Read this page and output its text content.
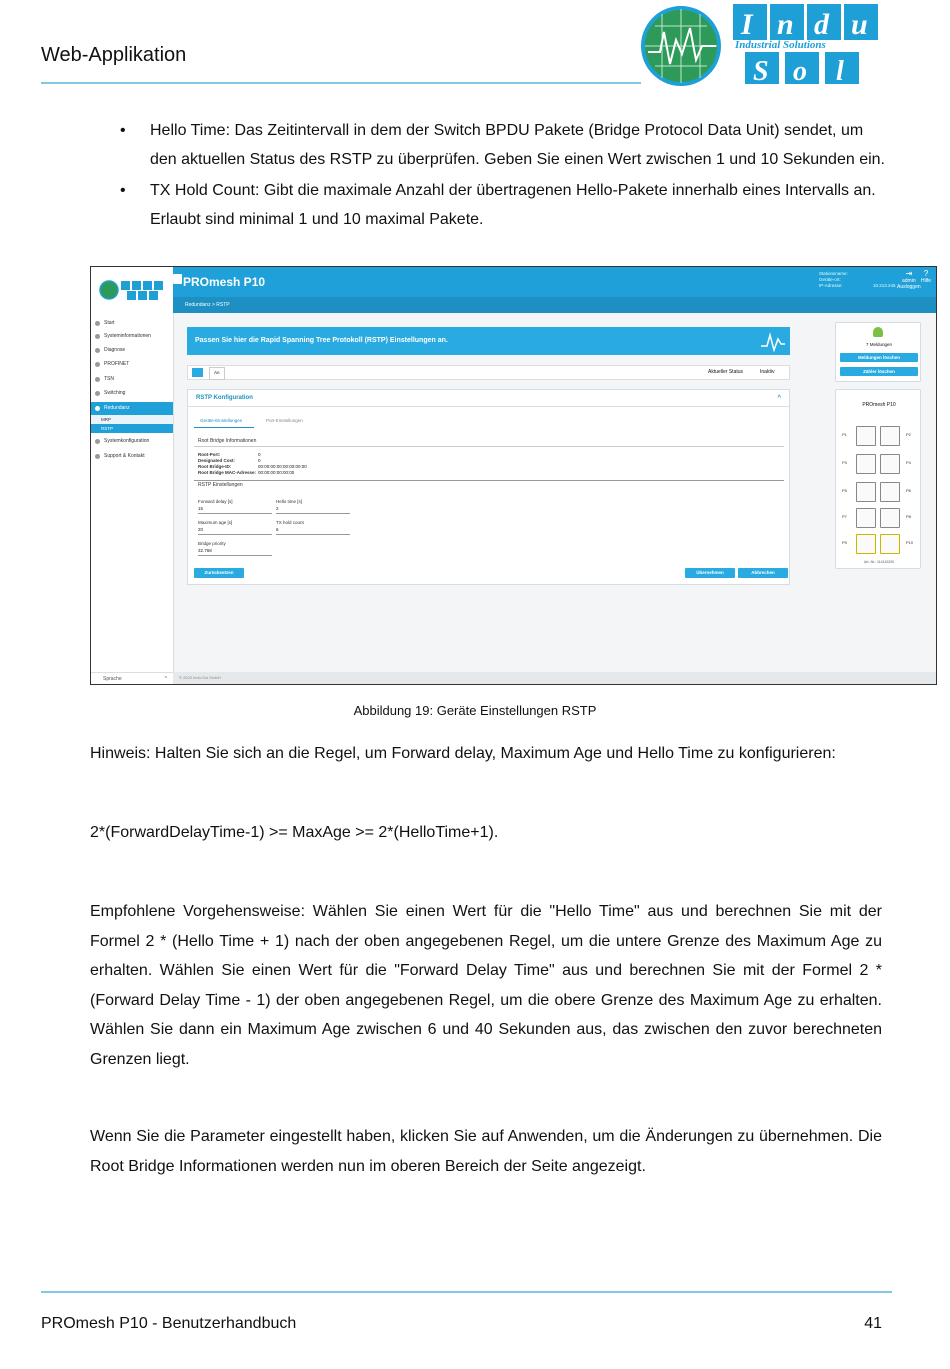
Web-Applikation
I n d u
Industrial Solutions
S o l
• Hello Time: Das Zeitintervall in dem der Switch BPDU Pakete (Bridge Protocol Data Unit) sendet, um den aktuellen Status des RSTP zu überprüfen. Geben Sie einen Wert zwischen 1 und 10 Sekunden ein.
• TX Hold Count: Gibt die maximale Anzahl der übertragenen Hello-Pakete innerhalb eines Intervalls an. Erlaubt sind minimal 1 und 10 maximal Pakete.
Start
Systeminformationen
Diagnose
PROFINET
TSN
Switching
Redundanz
MRP
RSTP
Systemkonfiguration
Support & Kontakt
Sprache	^
PROmesh P10
Stationsname:
Geräte-ort:
IP-Adresse:	10.213.245
⇥
admin
Ausloggen
?
Hilfe
Redundanz > RSTP
Passen Sie hier die Rapid Spanning Tree Protokoll (RSTP) Einstellungen an.
An	Aktueller Status	Inaktiv
RSTP Konfiguration	^
Geräte-Einstellungen	Port-Einstellungen
Root Bridge Informationen
Root-Port:	0
Designated Cost:	0
Root Bridge-ID:	00:00:00:00:00:00:00:00
Root Bridge MAC-Adresse: 00:00:00:00:00:00
RSTP Einstellungen
Forward delay [s]
15
Hello time [s]
2
Maximum age [s]
20
TX hold count
6
Bridge priority
32.768
Zurücksetzen	Übernehmen	Abbrechen
7 Meldungen
Meldungen löschen
Zähler löschen
PROmesh P10
P1	P2
P3	P4
P5	P6
P7	P8
P9	P10
Art.-Nr.: 114110200
© 2020 Indu-Sol GmbH
Abbildung 19: Geräte Einstellungen RSTP
Hinweis: Halten Sie sich an die Regel, um Forward delay, Maximum Age und Hello Time zu konfigurieren:
2*(ForwardDelayTime-1) >= MaxAge >= 2*(HelloTime+1).
Empfohlene Vorgehensweise: Wählen Sie einen Wert für die "Hello Time" aus und berechnen Sie mit der Formel 2 * (Hello Time + 1) nach der oben angegebenen Regel, um die untere Grenze des Maximum Age zu erhalten. Wählen Sie einen Wert für die "Forward Delay Time" aus und berechnen Sie mit der Formel 2 * (Forward Delay Time - 1) der oben angegebenen Regel, um die obere Grenze des Maximum Age zu erhalten. Wählen Sie dann ein Maximum Age zwischen 6 und 40 Sekunden aus, das zwischen den zuvor berechneten Grenzen liegt.
Wenn Sie die Parameter eingestellt haben, klicken Sie auf Anwenden, um die Änderungen zu übernehmen. Die Root Bridge Informationen werden nun im oberen Bereich der Seite angezeigt.
PROmesh P10 - Benutzerhandbuch	41
